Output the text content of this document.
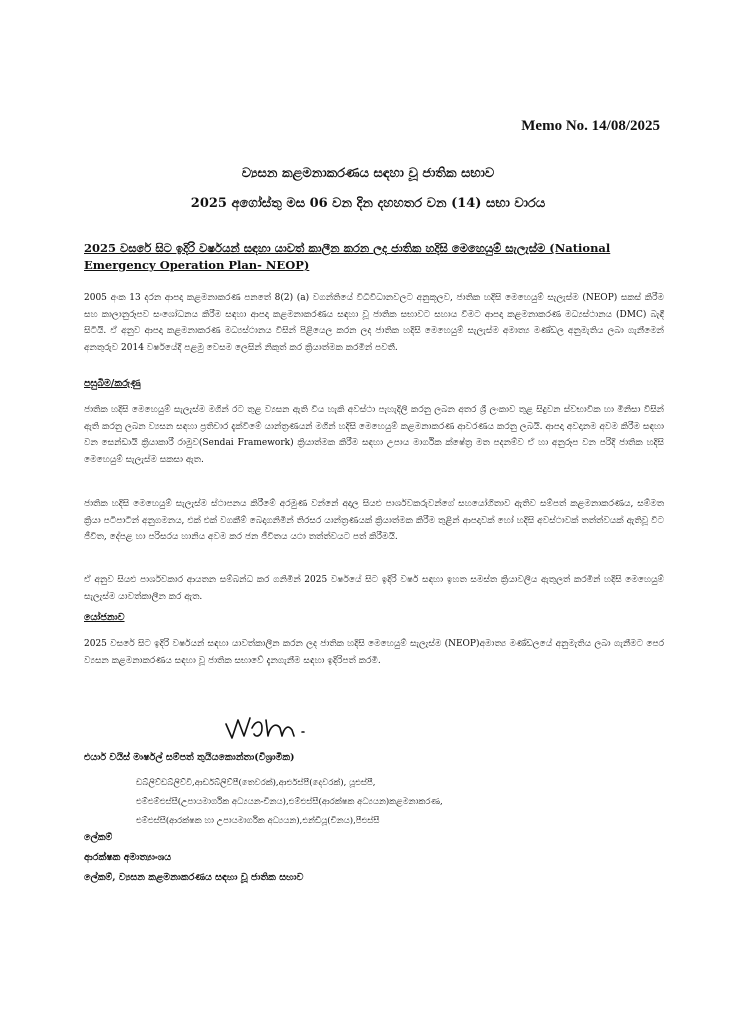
Memo No. 14/08/2025
ව්‍යසන කළමනාකරණය සඳහා වූ ජාතික සභාව
2025 අගෝස්තු මස 06 වන දින දහහතර වන (14) සභා වාරය
2025 වසරේ සිට ඉදිරි වර්ෂයන් සඳහා යාවත් කාලීන කරන ලද ජාතික හදිසි මෙහෙයුම් සැලැස්ම (National Emergency Operation Plan- NEOP)
2005 අංක 13 දරන ආපදා කළමනාකරණ පනතේ 8(2) (a) වගන්තියේ විධිවිධානවලට අනුකූලව, ජාතික හදිසි මෙහෙයුම් සැලැස්ම (NEOP) සකස් කිරීම සහ කාලානුරූපව සංශෝධනය කිරීම සඳහා ආපදා කළමනාකරණය සඳහා වූ ජාතික සභාවට සහාය වීමට ආපදා කළමනාකරණ මධ්‍යස්ථානය (DMC) බැඳී සිටියි. ඒ අනුව ආපදා කළමනාකරණ මධ්‍යස්ථානය විසින් පිළියෙල කරන ලද ජාතික හදිසි මෙහෙයුම් සැලැස්ම අමාත්‍ය මණ්ඩල අනුමැතිය ලබා ගැනීමෙන් අනතුරුව 2014 වර්ෂයේදී පළමු වෙසම ලෙසින් නිකුත් කර ක්‍රියාත්මක කරමින් පවතී.
පසුබිම/කරුණු
ජාතික හදිසි මෙහෙයුම් සැලැස්ම මගින් රට තුළ ව්‍යසන ඇති විය හැකි අවස්ථා පැහැදිලි කරනු ලබන අතර ශ්‍රී ලංකාව තුළ සිදුවන ස්වභාවික හා මිනිසා විසින් ඇති කරනු ලබන ව්‍යසන සඳහා ප්‍රතිචාර දැක්වීමේ යාන්ත්‍රණයන් මගින් හදිසි මෙහෙයුම් කළමනාකරණ ආවරණය කරනු ලබයි. ආපදා අවදානම අවම කිරීම සඳහා වන සෙන්ඩායි ක්‍රියාකාරී රාමුව(Sendai Framework) ක්‍රියාත්මක කිරීම සඳහා උපාය මාර්ගික ක්ෂේත්‍ර මත පදනම්ව ඒ හා අනුරූප වන පරිදි ජාතික හදිසි මෙහෙයුම් සැලැස්ම සකසා ඇත.
ජාතික හදිසි මෙහෙයුම් සැලැස්ම ස්ථාපනය කිරීමේ අරමුණ වන්නේ අදාල සියළු පාර්ශවකරුවන්ගේ සහයෝගිතාව ඇතිව සම්පත් කළමනාකරණය, සම්මත ක්‍රියා පටිපාටින් අනුගමනය, එක් එක් වගකීම් බෙදාගනිමින් තිරසර යාන්ත්‍රණයක් ක්‍රියාත්මක කිරීම තුළින් ආපදාවක් හෝ හදිසි අවස්ථාවක් තත්ත්වයක් ඇතිවූ විට ජීවිත, දේපළ හා පරිසරය හානිය අවම කර ජන ජීවිතය යථා තත්ත්වයට පත් කිරීමයි.
ඒ අනුව සියළු පාර්ශවකාර ආයතන සම්බන්ධ කර ගනිමින් 2025 වර්ෂයේ සිට ඉදිරි වර්ෂ සඳහා ඉහත සමස්ත ක්‍රියාවලිය ඇතුලත් කරමින් හදිසි මෙහෙයුම් සැලැස්ම යාවත්කාලීන කර ඇත.
යෝජනාව
2025 වසරේ සිට ඉදිරි වර්ෂයන් සඳහා යාවත්කාලීන කරන ලද ජාතික හදිසි මෙහෙයුම් සැලැස්ම (NEOP)අමාත්‍ය මණ්ඩලයේ අනුමැතිය ලබා ගැනීමට පෙර ව්‍යසන කළමනාකරණය සඳහා වූ ජාතික සභාවේ දැනගැනීම සඳහා ඉදිරිපත් කරමි.
එයාර් වයිස් මාර්ෂල් සම්පත් තුයියකොන්තා(විශ්‍රාමික)
ඩබ්ලිව්ඩබ්ලිව්වී,ආර්ඩබ්ලිව්පී(තෙවරක්),ආර්එස්පී(දෙවරක්), යූඑස්පී,
එම්එම්එස්සී(උපායමාර්ගික අධ්‍යයන-චීනය),එම්එස්සී(ආරක්ෂක අධ්‍යයන)කළමනාකරණ,
එම්එස්සී(ආරක්ෂක හා උපායමාර්ගික අධ්‍යයන),එන්ඩීයූ(චීනය),පීඑස්සී
ලේකම්
ආරක්ෂක අමාත්‍යාංශය
ලේකම්, ව්‍යසන කළමනාකරණය සඳහා වූ ජාතික සභාව
